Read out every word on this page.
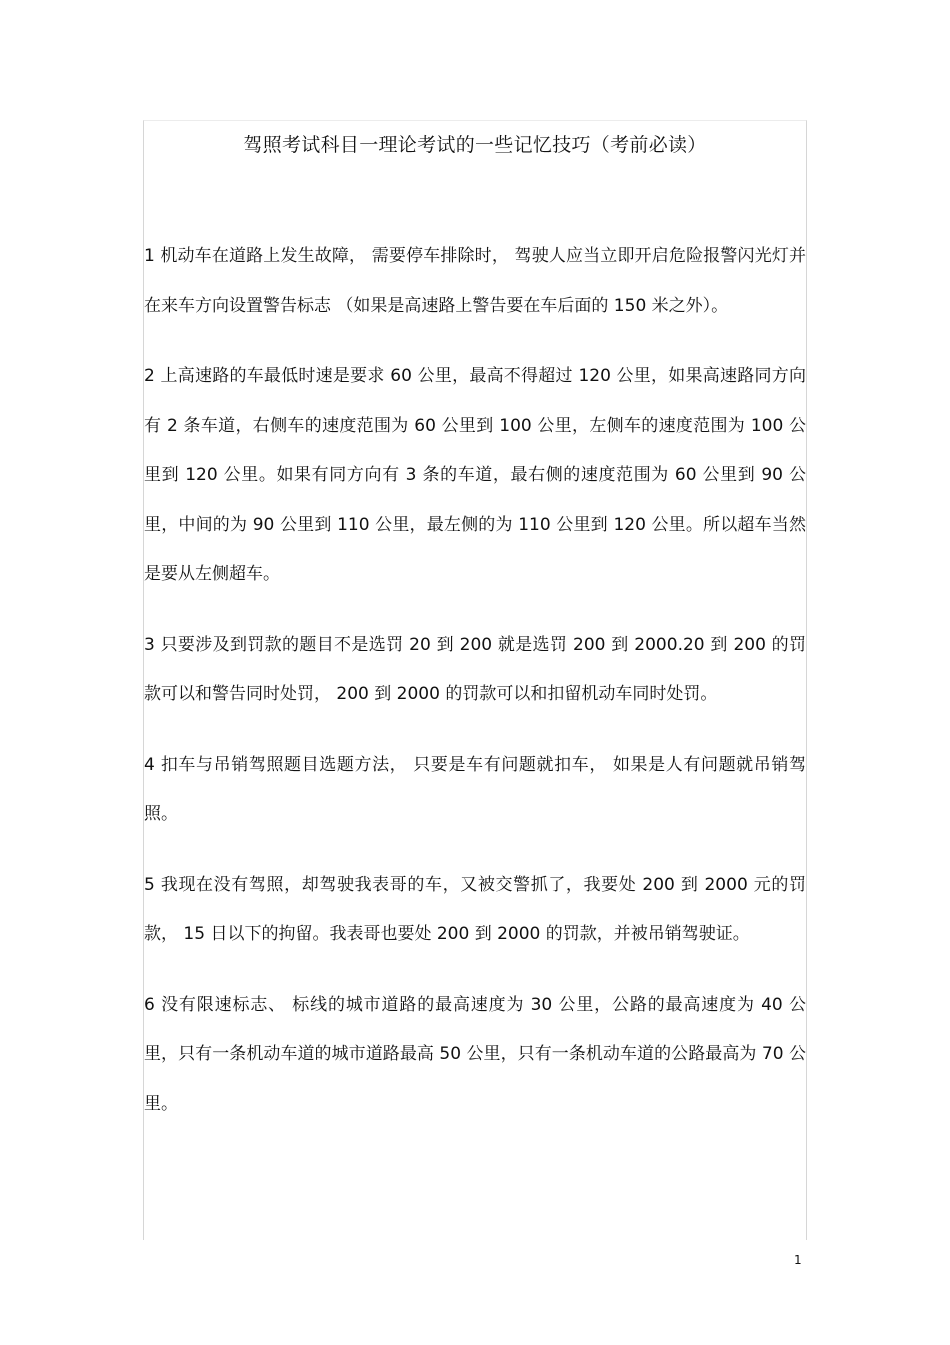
驾照考试科目一理论考试的一些记忆技巧（考前必读）

1 机动车在道路上发生故障， 需要停车排除时， 驾驶人应当立即开启危险报警闪光灯并在来车方向设置警告标志 （如果是高速路上警告要在车后面的 150 米之外）。

2 上高速路的车最低时速是要求 60 公里，最高不得超过 120 公里，如果高速路同方向有 2 条车道，右侧车的速度范围为 60 公里到 100 公里，左侧车的速度范围为 100 公里到 120 公里。如果有同方向有 3 条的车道，最右侧的速度范围为 60 公里到 90 公里，中间的为 90 公里到 110 公里，最左侧的为 110 公里到 120 公里。所以超车当然是要从左侧超车。

3 只要涉及到罚款的题目不是选罚 20 到 200 就是选罚 200 到 2000.20 到 200 的罚款可以和警告同时处罚， 200 到 2000 的罚款可以和扣留机动车同时处罚。

4 扣车与吊销驾照题目选题方法， 只要是车有问题就扣车， 如果是人有问题就吊销驾照。

5 我现在没有驾照，却驾驶我表哥的车，又被交警抓了，我要处 200 到 2000 元的罚款， 15 日以下的拘留。我表哥也要处 200 到 2000 的罚款，并被吊销驾驶证。

6 没有限速标志、 标线的城市道路的最高速度为 30 公里，公路的最高速度为 40 公里，只有一条机动车道的城市道路最高 50 公里，只有一条机动车道的公路最高为 70 公里。

1
